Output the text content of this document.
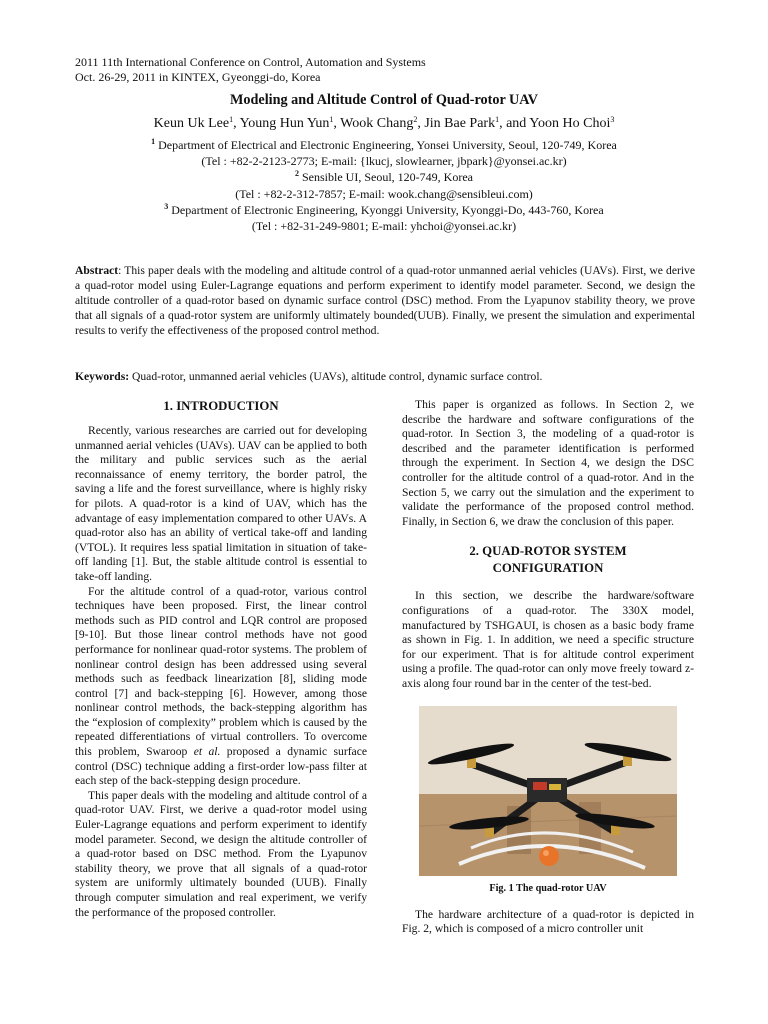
2011 11th International Conference on Control, Automation and Systems
Oct. 26-29, 2011 in KINTEX, Gyeonggi-do, Korea
Modeling and Altitude Control of Quad-rotor UAV
Keun Uk Lee$^1$, Young Hun Yun$^1$, Wook Chang$^2$, Jin Bae Park$^1$, and Yoon Ho Choi$^3$
$^1$ Department of Electrical and Electronic Engineering, Yonsei University, Seoul, 120-749, Korea
(Tel : +82-2-2123-2773; E-mail: {lkucj, slowlearner, jbpark}@yonsei.ac.kr)
$^2$ Sensible UI, Seoul, 120-749, Korea
(Tel : +82-2-312-7857; E-mail: wook.chang@sensibleui.com)
$^3$ Department of Electronic Engineering, Kyonggi University, Kyonggi-Do, 443-760, Korea
(Tel : +82-31-249-9801; E-mail: yhchoi@yonsei.ac.kr)
Abstract: This paper deals with the modeling and altitude control of a quad-rotor unmanned aerial vehicles (UAVs). First, we derive a quad-rotor model using Euler-Lagrange equations and perform experiment to identify model parameter. Second, we design the altitude controller of a quad-rotor based on dynamic surface control (DSC) method. From the Lyapunov stability theory, we prove that all signals of a quad-rotor system are uniformly ultimately bounded(UUB). Finally, we present the simulation and experimental results to verify the effectiveness of the proposed control method.
Keywords: Quad-rotor, unmanned aerial vehicles (UAVs), altitude control, dynamic surface control.
1. INTRODUCTION

Recently, various researches are carried out for developing unmanned aerial vehicles (UAVs). UAV can be applied to both the military and public services such as the aerial reconnaissance of enemy territory, the border patrol, the saving a life and the forest surveillance, where is highly risky for pilots. A quad-rotor is a kind of UAV, which has the advantage of easy implementation compared to other UAVs. A quad-rotor also has an ability of vertical take-off and landing (VTOL). It requires less spatial limitation in situation of take-off landing [1]. But, the stable altitude control is essential to take-off landing.

For the altitude control of a quad-rotor, various control techniques have been proposed. First, the linear control methods such as PID control and LQR control are proposed [9-10]. But those linear control methods have not good performance for nonlinear quad-rotor systems. The problem of nonlinear control design has been addressed using several methods such as feedback linearization [8], sliding mode control [7] and back-stepping [6]. However, among those nonlinear control methods, the back-stepping algorithm has the “explosion of complexity” problem which is caused by the repeated differentiations of virtual controllers. To overcome this problem, Swaroop et al. proposed a dynamic surface control (DSC) technique adding a first-order low-pass filter at each step of the back-stepping design procedure.

This paper deals with the modeling and altitude control of a quad-rotor UAV. First, we derive a quad-rotor model using Euler-Lagrange equations and perform experiment to identify model parameter. Second, we design the altitude controller of a quad-rotor based on DSC method. From the Lyapunov stability theory, we prove that all signals of a quad-rotor system are uniformly ultimately bounded (UUB). Finally through computer simulation and real experiment, we verify the performance of the proposed controller.

This paper is organized as follows. In Section 2, we describe the hardware and software configurations of the quad-rotor. In Section 3, the modeling of a quad-rotor is described and the parameter identification is performed through the experiment. In Section 4, we design the DSC controller for the altitude control of a quad-rotor. And in the Section 5, we carry out the simulation and the experiment to validate the performance of the proposed control method. Finally, in Section 6, we draw the conclusion of this paper.

2. QUAD-ROTOR SYSTEM
CONFIGURATION

In this section, we describe the hardware/software configurations of a quad-rotor. The 330X model, manufactured by TSHGAUI, is chosen as a basic body frame as shown in Fig. 1. In addition, we need a specific structure for our experiment. That is for altitude control experiment using a profile. The quad-rotor can only move freely toward z-axis along four round bar in the center of the test-bed.

Fig. 1 The quad-rotor UAV

The hardware architecture of a quad-rotor is depicted in Fig. 2, which is composed of a micro controller unit
